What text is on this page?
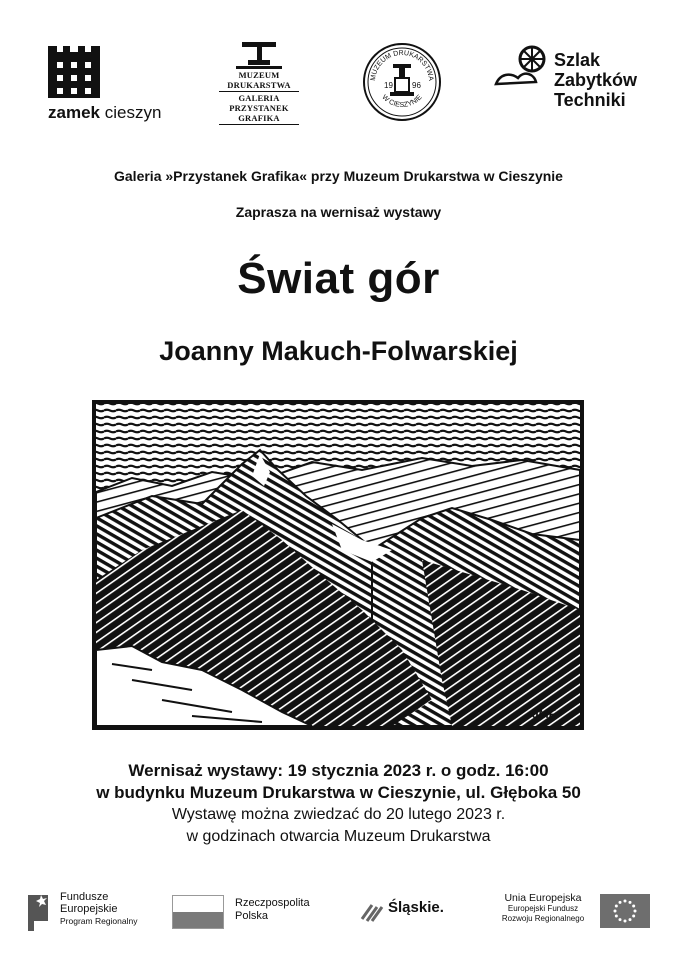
zamek cieszyn
MUZEUM DRUKARSTWA
GALERIA
PRZYSTANEK GRAFIKA
MUZEUM DRUKARSTWA
W CIESZYNIE
19 96
Szlak
Zabytków
Techniki
Galeria »Przystanek Grafika« przy Muzeum Drukarstwa w Cieszynie
Zaprasza na wernisaż wystawy
Świat gór
Joanny Makuch-Folwarskiej
JMF
Wernisaż wystawy: 19 stycznia 2023 r. o godz. 16:00
w budynku Muzeum Drukarstwa w Cieszynie, ul. Głęboka 50
Wystawę można zwiedzać do 20 lutego 2023 r.
w godzinach otwarcia Muzeum Drukarstwa
Fundusze
Europejskie
Program Regionalny
Rzeczpospolita
Polska	Śląskie.
Unia Europejska
Europejski Fundusz
Rozwoju Regionalnego
